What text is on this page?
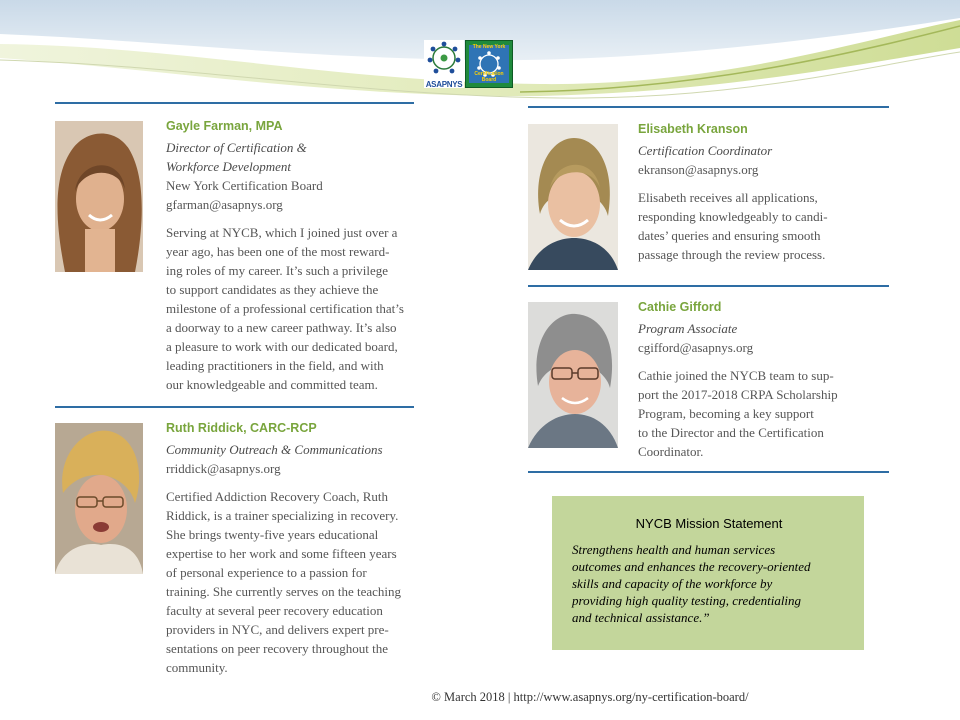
ASAPNYS
The New York
Certification Board
Gayle Farman, MPA
Director of Certification &
Workforce Development
New York Certification Board
gfarman@asapnys.org
Serving at NYCB, which I joined just over a
year ago, has been one of the most reward-
ing roles of my career. It’s such a privilege
to support candidates as they achieve the
milestone of a professional certification that’s
a doorway to a new career pathway. It’s also
a pleasure to work with our dedicated board,
leading practitioners in the field, and with
our knowledgeable and committed team.
Ruth Riddick, CARC-RCP
Community Outreach & Communications
rriddick@asapnys.org
Certified Addiction Recovery Coach, Ruth
Riddick, is a trainer specializing in recovery.
She brings twenty-five years educational
expertise to her work and some fifteen years
of personal experience to a passion for
training. She currently serves on the teaching
faculty at several peer recovery education
providers in NYC, and delivers expert pre-
sentations on peer recovery throughout the
community.
Elisabeth Kranson
Certification Coordinator
ekranson@asapnys.org
Elisabeth receives all applications,
responding knowledgeably to candi-
dates’ queries and ensuring smooth
passage through the review process.
Cathie Gifford
Program Associate
cgifford@asapnys.org
Cathie joined the NYCB team to sup-
port the 2017-2018 CRPA Scholarship
Program, becoming a key support
to the Director and the Certification
Coordinator.
NYCB Mission Statement
Strengthens health and human services
outcomes and enhances the recovery-oriented
skills and capacity of the workforce by
providing high quality testing, credentialing
and technical assistance.”
© March 2018 | http://www.asapnys.org/ny-certification-board/
